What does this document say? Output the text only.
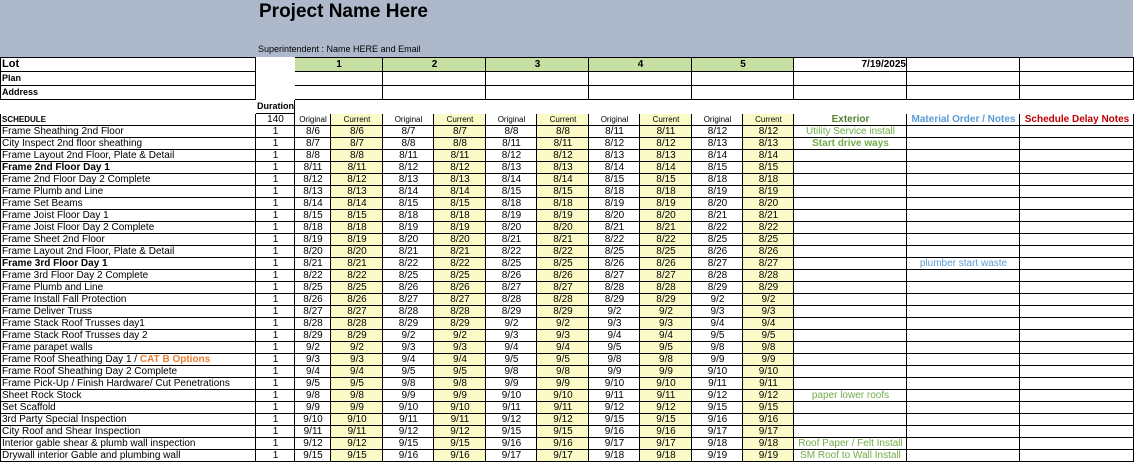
Project Name Here
Superintendent : Name HERE and Email
Lot		1		2		3		4		5		7/19/2025		
Plan														
Address														
	Duration													
SCHEDULE	140	Original	Current	Original	Current	Original	Current	Original	Current	Original	Current	Exterior	Material Order / Notes	Schedule Delay Notes
Frame Sheathing 2nd Floor	1	8/6	8/6	8/7	8/7	8/8	8/8	8/11	8/11	8/12	8/12	Utility Service install		
City Inspect 2nd floor sheathing	1	8/7	8/7	8/8	8/8	8/11	8/11	8/12	8/12	8/13	8/13	Start drive ways		
Frame Layout 2nd Floor, Plate & Detail	1	8/8	8/8	8/11	8/11	8/12	8/12	8/13	8/13	8/14	8/14			
Frame 2nd Floor Day 1	1	8/11	8/11	8/12	8/12	8/13	8/13	8/14	8/14	8/15	8/15			
Frame 2nd Floor Day 2 Complete	1	8/12	8/12	8/13	8/13	8/14	8/14	8/15	8/15	8/18	8/18			
Frame Plumb and Line	1	8/13	8/13	8/14	8/14	8/15	8/15	8/18	8/18	8/19	8/19			
Frame Set Beams	1	8/14	8/14	8/15	8/15	8/18	8/18	8/19	8/19	8/20	8/20			
Frame Joist Floor Day 1	1	8/15	8/15	8/18	8/18	8/19	8/19	8/20	8/20	8/21	8/21			
Frame Joist Floor Day 2 Complete	1	8/18	8/18	8/19	8/19	8/20	8/20	8/21	8/21	8/22	8/22			
Frame Sheet 2nd Floor	1	8/19	8/19	8/20	8/20	8/21	8/21	8/22	8/22	8/25	8/25			
Frame Layout 2nd Floor, Plate & Detail	1	8/20	8/20	8/21	8/21	8/22	8/22	8/25	8/25	8/26	8/26			
Frame 3rd Floor Day 1	1	8/21	8/21	8/22	8/22	8/25	8/25	8/26	8/26	8/27	8/27		plumber start waste	
Frame 3rd Floor Day 2 Complete	1	8/22	8/22	8/25	8/25	8/26	8/26	8/27	8/27	8/28	8/28			
Frame Plumb and Line	1	8/25	8/25	8/26	8/26	8/27	8/27	8/28	8/28	8/29	8/29			
Frame Install Fall Protection	1	8/26	8/26	8/27	8/27	8/28	8/28	8/29	8/29	9/2	9/2			
Frame Deliver Truss	1	8/27	8/27	8/28	8/28	8/29	8/29	9/2	9/2	9/3	9/3			
Frame Stack Roof Trusses day1	1	8/28	8/28	8/29	8/29	9/2	9/2	9/3	9/3	9/4	9/4			
Frame Stack Roof Trusses day 2	1	8/29	8/29	9/2	9/2	9/3	9/3	9/4	9/4	9/5	9/5			
Frame parapet walls	1	9/2	9/2	9/3	9/3	9/4	9/4	9/5	9/5	9/8	9/8			
Frame Roof Sheathing Day 1 / CAT B Options	1	9/3	9/3	9/4	9/4	9/5	9/5	9/8	9/8	9/9	9/9			
Frame Roof Sheathing Day 2 Complete	1	9/4	9/4	9/5	9/5	9/8	9/8	9/9	9/9	9/10	9/10			
Frame Pick-Up / Finish Hardware/ Cut Penetrations	1	9/5	9/5	9/8	9/8	9/9	9/9	9/10	9/10	9/11	9/11			
Sheet Rock Stock	1	9/8	9/8	9/9	9/9	9/10	9/10	9/11	9/11	9/12	9/12	paper lower roofs		
Set Scaffold	1	9/9	9/9	9/10	9/10	9/11	9/11	9/12	9/12	9/15	9/15			
3rd Party Special Inspection	1	9/10	9/10	9/11	9/11	9/12	9/12	9/15	9/15	9/16	9/16			
City Roof and Shear Inspection	1	9/11	9/11	9/12	9/12	9/15	9/15	9/16	9/16	9/17	9/17			
Interior gable shear & plumb wall inspection	1	9/12	9/12	9/15	9/15	9/16	9/16	9/17	9/17	9/18	9/18	Roof Paper / Felt Install		
Drywall interior Gable and plumbing wall	1	9/15	9/15	9/16	9/16	9/17	9/17	9/18	9/18	9/19	9/19	SM Roof to Wall Install		
